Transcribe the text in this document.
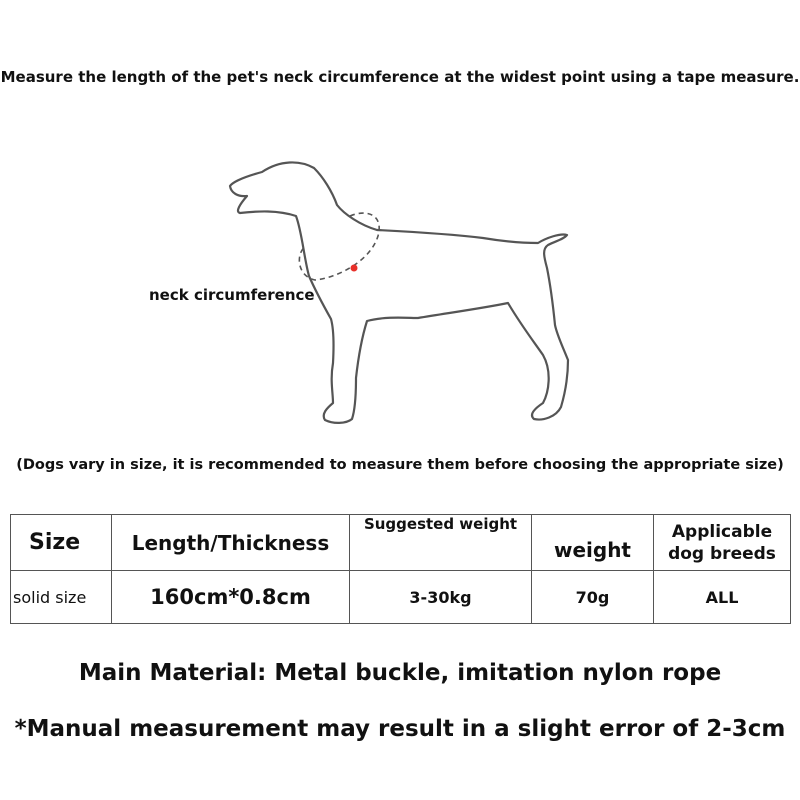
Measure the length of the pet's neck circumference at the widest point using a tape measure.
neck circumference
(Dogs vary in size, it is recommended to measure them before choosing the appropriate size)
Size	Length/Thickness	Suggested weight	weight	Applicable
dog breeds

solid size	160cm*0.8cm	3-30kg	70g	ALL
Main Material: Metal buckle, imitation nylon rope
*Manual measurement may result in a slight error of 2-3cm
